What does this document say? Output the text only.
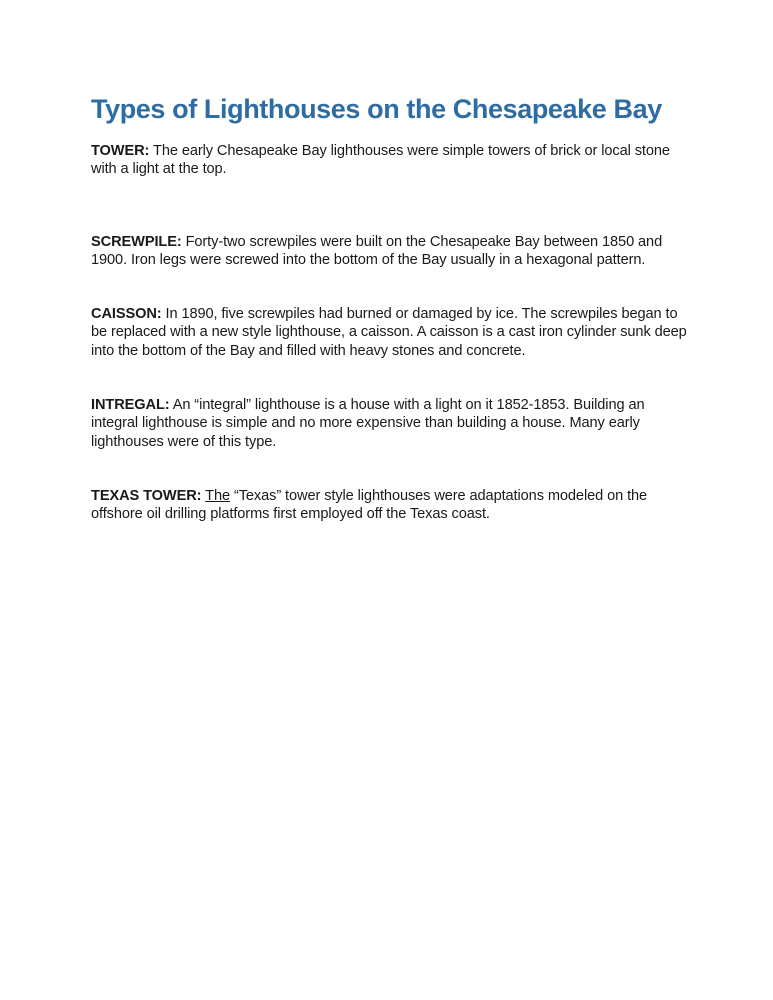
Types of Lighthouses on the Chesapeake Bay

TOWER: The early Chesapeake Bay lighthouses were simple towers of brick or local stone with a light at the top.

SCREWPILE: Forty-two screwpiles were built on the Chesapeake Bay between 1850 and 1900. Iron legs were screwed into the bottom of the Bay usually in a hexagonal pattern.

CAISSON: In 1890, five screwpiles had burned or damaged by ice. The screwpiles began to be replaced with a new style lighthouse, a caisson. A caisson is a cast iron cylinder sunk deep into the bottom of the Bay and filled with heavy stones and concrete.

INTREGAL: An “integral” lighthouse is a house with a light on it 1852-1853. Building an integral lighthouse is simple and no more expensive than building a house. Many early lighthouses were of this type.

TEXAS TOWER: The “Texas” tower style lighthouses were adaptations modeled on the offshore oil drilling platforms first employed off the Texas coast.
